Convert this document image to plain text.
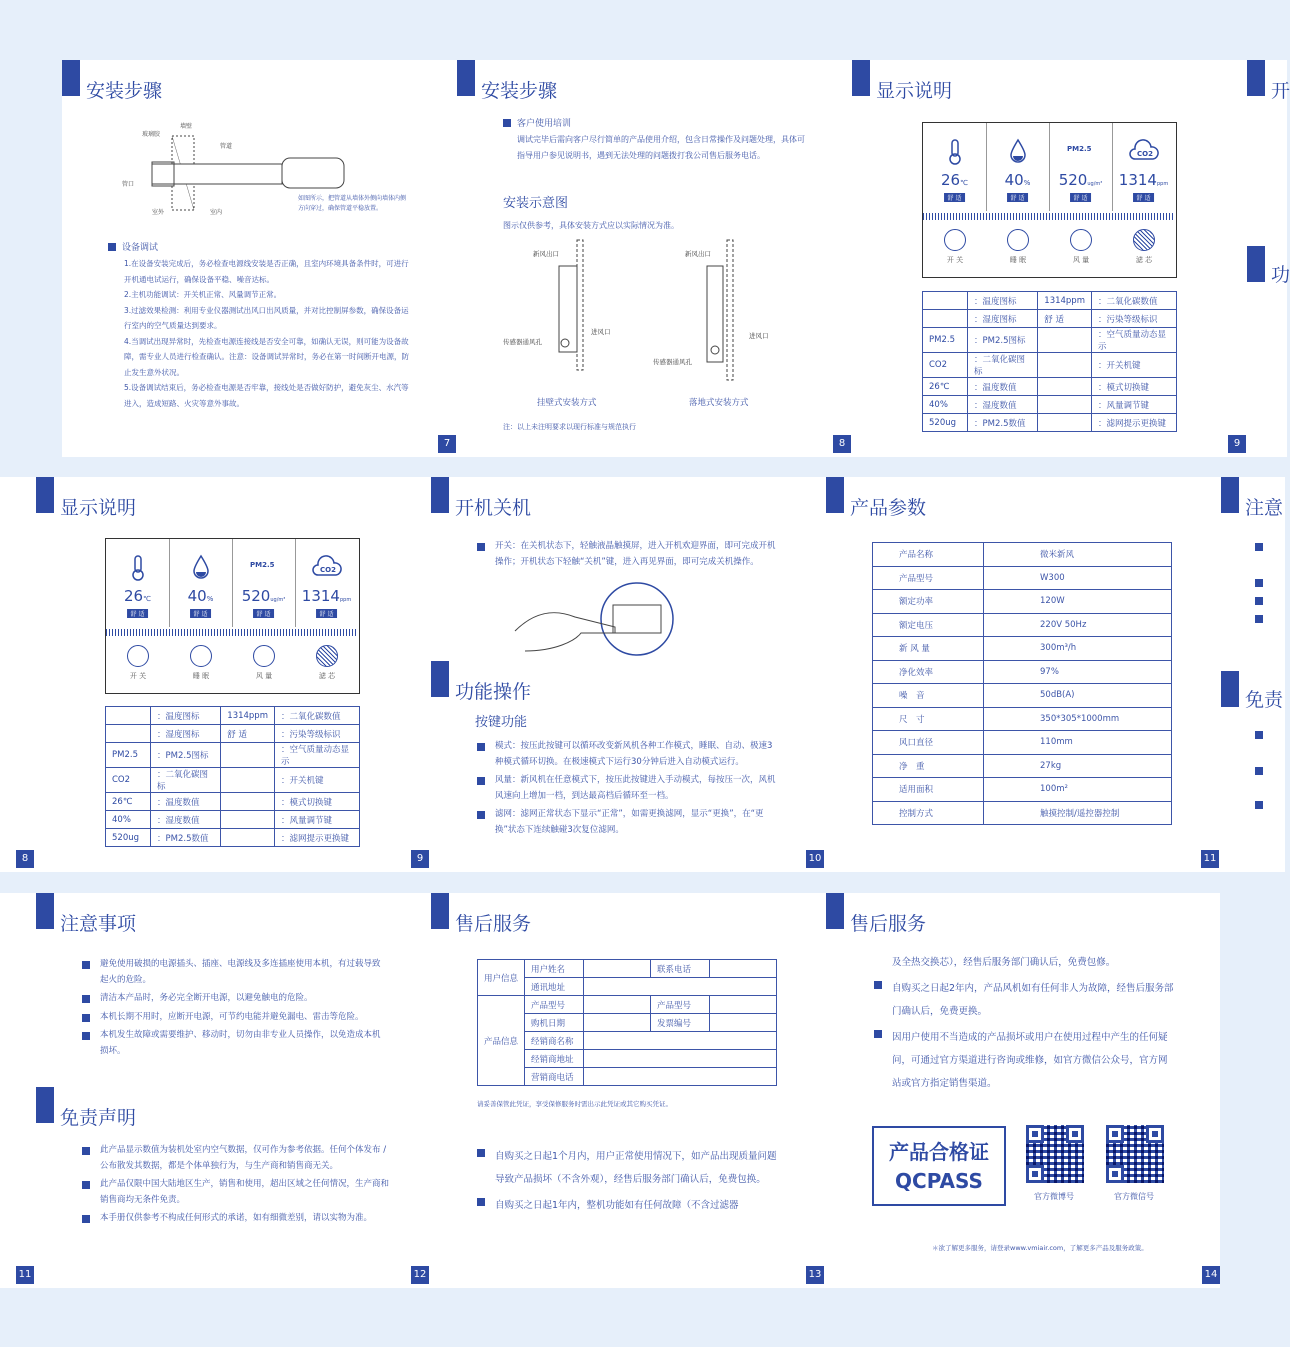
安装步骤
玻璃胶
墙壁
管道
管口
室外	室内
如图所示，把管道从墙体外侧向墙体内侧方向穿过，确保管道平稳放置。
设备调试
1.在设备安装完成后，务必检查电源线安装是否正确，且室内环境具备条件时，可进行开机通电试运行，确保设备平稳、噪音达标。
2.主机功能调试：开关机正常、风量调节正常。
3.过滤效果检测：利用专业仪器测试出风口出风质量，并对比控制屏参数，确保设备运行室内的空气质量达到要求。
4.当调试出现异常时，先检查电源连接线是否安全可靠，如确认无误，则可能为设备故障，需专业人员进行检查确认。注意：设备调试异常时，务必在第一时间断开电源，防止发生意外状况。
5.设备调试结束后，务必检查电源是否牢靠，接线处是否做好防护，避免灰尘、水汽等进入，造成短路、火灾等意外事故。
7
安装步骤
客户使用培训
调试完毕后需向客户尽行简单的产品使用介绍，包含日常操作及问题处理，具体可指导用户参见说明书，遇到无法处理的问题拨打我公司售后服务电话。
安装示意图
图示仅供参考，具体安装方式应以实际情况为准。
新风出口
传感器通风孔
进风口
新风出口
进风口
传感器通风孔
挂壁式安装方式	落地式安装方式
注：以上未注明要求以现行标准与规范执行
8
显示说明
26℃
舒 适
40%
舒 适
PM2.5
520ug/m³
舒 适
CO2
1314ppm
舒 适
开 关	睡 眠	风 量	滤 芯
	：温度图标	1314ppm	：二氧化碳数值
	：湿度图标	舒 适	：污染等级标识
PM2.5	：PM2.5图标		：空气质量动态显示
CO2	：二氧化碳图标		：开关机键
26℃	：温度数值		：模式切换键
40%	：湿度数值		：风量调节键
520ug	：PM2.5数值		：滤网提示更换键
9
开
功
显示说明
26℃
舒 适
40%
舒 适
PM2.5
520ug/m³
舒 适
CO2
1314ppm
舒 适
开 关	睡 眠	风 量	滤 芯
	：温度图标	1314ppm	：二氧化碳数值
	：湿度图标	舒 适	：污染等级标识
PM2.5	：PM2.5图标		：空气质量动态显示
CO2	：二氧化碳图标		：开关机键
26℃	：温度数值		：模式切换键
40%	：湿度数值		：风量调节键
520ug	：PM2.5数值		：滤网提示更换键
8
开机关机
开关：在关机状态下，轻触液晶触摸屏，进入开机欢迎界面，即可完成开机操作；开机状态下轻触“关机”键，进入再见界面，即可完成关机操作。
功能操作
按键功能
模式：按压此按键可以循环改变新风机各种工作模式，睡眠、自动、极速3种模式循环切换。在极速模式下运行30分钟后进入自动模式运行。
风量：新风机在任意模式下，按压此按键进入手动模式，每按压一次，风机风速向上增加一档，到达最高档后循环至一档。
滤网：滤网正常状态下显示“正常”，如需更换滤网，显示“更换”，在“更换”状态下连续触碰3次复位滤网。
9
产品参数
产品名称	微米新风
产品型号	W300
额定功率	120W
额定电压	220V 50Hz
新 风 量	300m³/h
净化效率	97%
噪　音	50dB(A)
尺　寸	350*305*1000mm
风口直径	110mm
净　重	27kg
适用面积	100m²
控制方式	触摸控制/遥控器控制
10
注意
免责
11
注意事项
避免使用破损的电源插头、插座、电源线及多连插座使用本机，有过载导致起火的危险。
清洁本产品时，务必完全断开电源，以避免触电的危险。
本机长期不用时，应断开电源，可节约电能并避免漏电、雷击等危险。
本机发生故障或需要维护、移动时，切勿由非专业人员操作，以免造成本机损坏。
免责声明
此产品显示数值为装机处室内空气数据，仅可作为参考依据。任何个体发布 / 公布散发其数据，都是个体单独行为，与生产商和销售商无关。
此产品仅限中国大陆地区生产，销售和使用，超出区域之任何情况，生产商和销售商均无条件免责。
本手册仅供参考不构成任何形式的承诺，如有细微差别，请以实物为准。
11
售后服务
用户信息	用户姓名		联系电话	
	通讯地址			
产品信息	产品型号		产品型号	
	购机日期		发票编号	
	经销商名称			
	经销商地址			
	营销商电话			
请妥善保管此凭证，享受保修服务时需出示此凭证或其它购买凭证。
自购买之日起1个月内，用户正常使用情况下，如产品出现质量问题导致产品损坏（不含外观），经售后服务部门确认后，免费包换。
自购买之日起1年内，整机功能如有任何故障（不含过滤器
12
售后服务
及全热交换芯），经售后服务部门确认后，免费包修。
自购买之日起2年内，产品风机如有任何非人为故障，经售后服务部门确认后，免费更换。
因用户使用不当造成的产品损坏或用户在使用过程中产生的任何疑问，可通过官方渠道进行咨询或维修，如官方微信公众号，官方网站或官方指定销售渠道。
产品合格证
QCPASS
官方微博号	官方微信号
＊欲了解更多服务，请登录www.vmiair.com，了解更多产品及服务政策。
13	14
